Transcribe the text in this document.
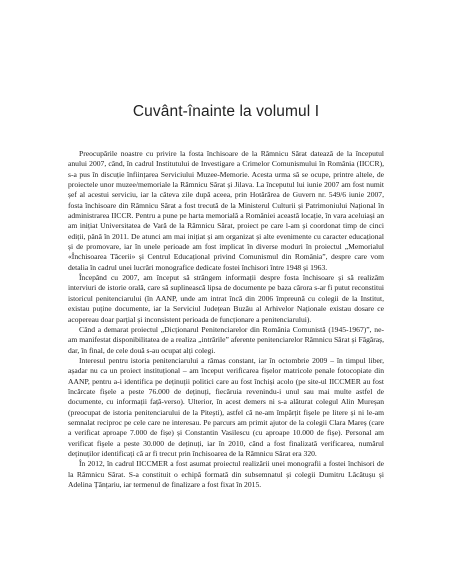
Cuvânt-înainte la volumul I

Preocupările noastre cu privire la fosta închisoare de la Râmnicu Sărat datează de la începutul anului 2007, când, în cadrul Institutului de Investigare a Crimelor Comunismului în România (IICCR), s-a pus în discuție înființarea Serviciului Muzee-Memorie. Acesta urma să se ocupe, printre altele, de proiectele unor muzee/memoriale la Râmnicu Sărat și Jilava. La începutul lui iunie 2007 am fost numit șef al acestui serviciu, iar la câteva zile după aceea, prin Hotărârea de Guvern nr. 549/6 iunie 2007, fosta închisoare din Râmnicu Sărat a fost trecută de la Ministerul Culturii și Patrimoniului Național în administrarea IICCR. Pentru a pune pe harta memorială a României această locație, în vara aceluiași an am inițiat Universitatea de Vară de la Râmnicu Sărat, proiect pe care l-am și coordonat timp de cinci ediții, până în 2011. De atunci am mai inițiat și am organizat și alte evenimente cu caracter educațional și de promovare, iar în unele perioade am fost implicat în diverse moduri în proiectul „Memorialul «Închisoarea Tăcerii» și Centrul Educațional privind Comunismul din România”, despre care vom detalia în cadrul unei lucrări monografice dedicate fostei închisori între 1948 și 1963.

Începând cu 2007, am început să strângem informații despre fosta închisoare și să realizăm interviuri de istorie orală, care să suplinească lipsa de documente pe baza cărora s-ar fi putut reconstitui istoricul penitenciarului (în AANP, unde am intrat încă din 2006 împreună cu colegii de la Institut, existau puține documente, iar la Serviciul Județean Buzău al Arhivelor Naționale existau dosare ce acopereau doar parțial și inconsistent perioada de funcționare a penitenciarului).

Când a demarat proiectul „Dicționarul Penitenciarelor din România Comunistă (1945-1967)”, ne-am manifestat disponibilitatea de a realiza „intrările” aferente penitenciarelor Râmnicu Sărat și Făgăraș, dar, în final, de cele două s-au ocupat alți colegi.

Interesul pentru istoria penitenciarului a rămas constant, iar în octombrie 2009 – în timpul liber, așadar nu ca un proiect instituțional – am început verificarea fișelor matricole penale fotocopiate din AANP, pentru a-i identifica pe deținuții politici care au fost închiși acolo (pe site-ul IICCMER au fost încărcate fișele a peste 76.000 de deținuți, fiecăruia revenindu-i unul sau mai multe astfel de documente, cu informații față-verso). Ulterior, în acest demers ni s-a alăturat colegul Alin Mureșan (preocupat de istoria penitenciarului de la Pitești), astfel că ne-am împărțit fișele pe litere și ni le-am semnalat reciproc pe cele care ne interesau. Pe parcurs am primit ajutor de la colegii Clara Mareș (care a verificat aproape 7.000 de fișe) și Constantin Vasilescu (cu aproape 10.000 de fișe). Personal am verificat fișele a peste 30.000 de deținuți, iar în 2010, când a fost finalizată verificarea, numărul deținuților identificați că ar fi trecut prin închisoarea de la Râmnicu Sărat era 320.

În 2012, în cadrul IICCMER a fost asumat proiectul realizării unei monografii a fostei închisori de la Râmnicu Sărat. S-a constituit o echipă formată din subsemnatul și colegii Dumitru Lăcătușu și Adelina Țânțariu, iar termenul de finalizare a fost fixat în 2015.
